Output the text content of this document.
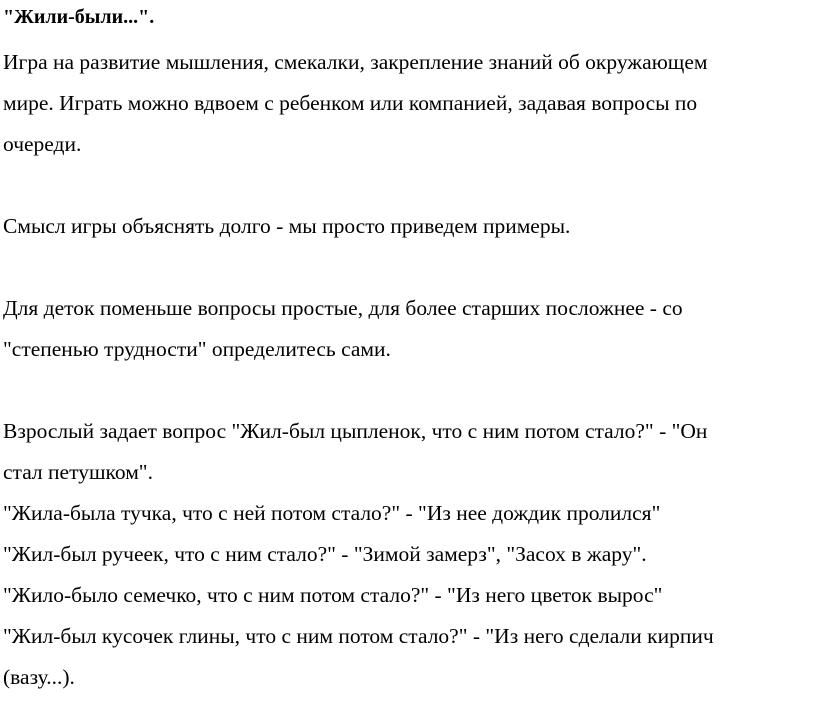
"Жили-были...".

Игра на развитие мышления, смекалки, закрепление знаний об окружающем

мире. Играть можно вдвоем с ребенком или компанией, задавая вопросы по

очереди.

Смысл игры объяснять долго - мы просто приведем примеры.

Для деток поменьше вопросы простые, для более старших посложнее - со

"степенью трудности" определитесь сами.

Взрослый задает вопрос "Жил-был цыпленок, что с ним потом стало?" - "Он

стал петушком".

"Жила-была тучка, что с ней потом стало?" - "Из нее дождик пролился"

"Жил-был ручеек, что с ним стало?" - "Зимой замерз", "Засох в жару".

"Жило-было семечко, что с ним потом стало?" - "Из него цветок вырос"

"Жил-был кусочек глины, что с ним потом стало?" - "Из него сделали кирпич

(вазу...).
